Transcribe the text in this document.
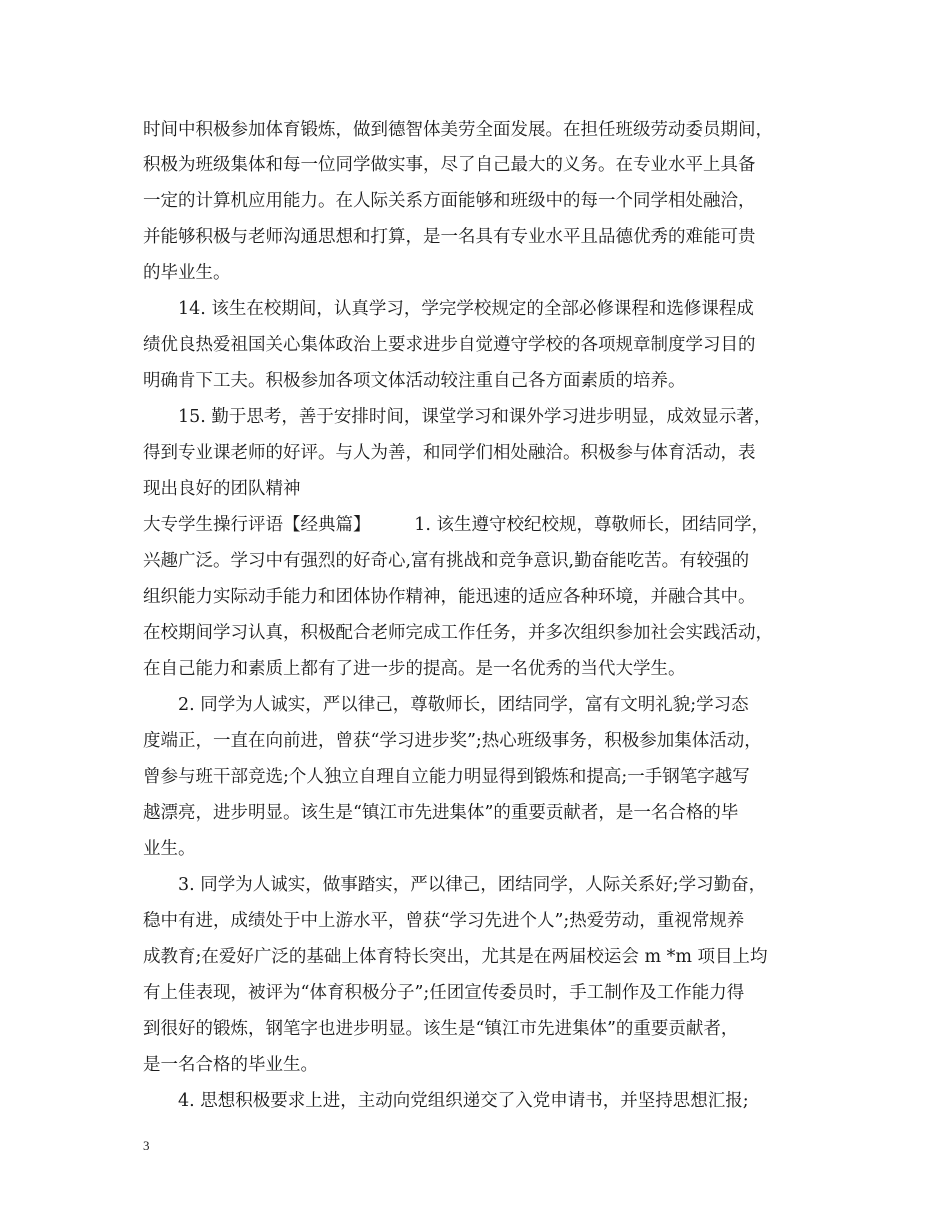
时间中积极参加体育锻炼，做到德智体美劳全面发展。在担任班级劳动委员期间，
积极为班级集体和每一位同学做实事，尽了自己最大的义务。在专业水平上具备
一定的计算机应用能力。在人际关系方面能够和班级中的每一个同学相处融洽，
并能够积极与老师沟通思想和打算，是一名具有专业水平且品德优秀的难能可贵
的毕业生。
14. 该生在校期间，认真学习，学完学校规定的全部必修课程和选修课程成
绩优良热爱祖国关心集体政治上要求进步自觉遵守学校的各项规章制度学习目的
明确肯下工夫。积极参加各项文体活动较注重自己各方面素质的培养。
15. 勤于思考，善于安排时间，课堂学习和课外学习进步明显，成效显示著，
得到专业课老师的好评。与人为善，和同学们相处融洽。积极参与体育活动，表
现出良好的团队精神
大专学生操行评语【经典篇】　　　1. 该生遵守校纪校规，尊敬师长，团结同学，
兴趣广泛。学习中有强烈的好奇心,富有挑战和竞争意识,勤奋能吃苦。有较强的
组织能力实际动手能力和团体协作精神，能迅速的适应各种环境，并融合其中。
在校期间学习认真，积极配合老师完成工作任务，并多次组织参加社会实践活动，
在自己能力和素质上都有了进一步的提高。是一名优秀的当代大学生。
2. 同学为人诚实，严以律己，尊敬师长，团结同学，富有文明礼貌;学习态
度端正，一直在向前进，曾获“学习进步奖”;热心班级事务，积极参加集体活动，
曾参与班干部竞选;个人独立自理自立能力明显得到锻炼和提高;一手钢笔字越写
越漂亮，进步明显。该生是“镇江市先进集体”的重要贡献者，是一名合格的毕
业生。
3. 同学为人诚实，做事踏实，严以律己，团结同学，人际关系好;学习勤奋，
稳中有进，成绩处于中上游水平，曾获“学习先进个人”;热爱劳动，重视常规养
成教育;在爱好广泛的基础上体育特长突出，尤其是在两届校运会 m *m 项目上均
有上佳表现，被评为“体育积极分子”;任团宣传委员时，手工制作及工作能力得
到很好的锻炼，钢笔字也进步明显。该生是“镇江市先进集体”的重要贡献者，
是一名合格的毕业生。
4. 思想积极要求上进，主动向党组织递交了入党申请书，并坚持思想汇报;
3
